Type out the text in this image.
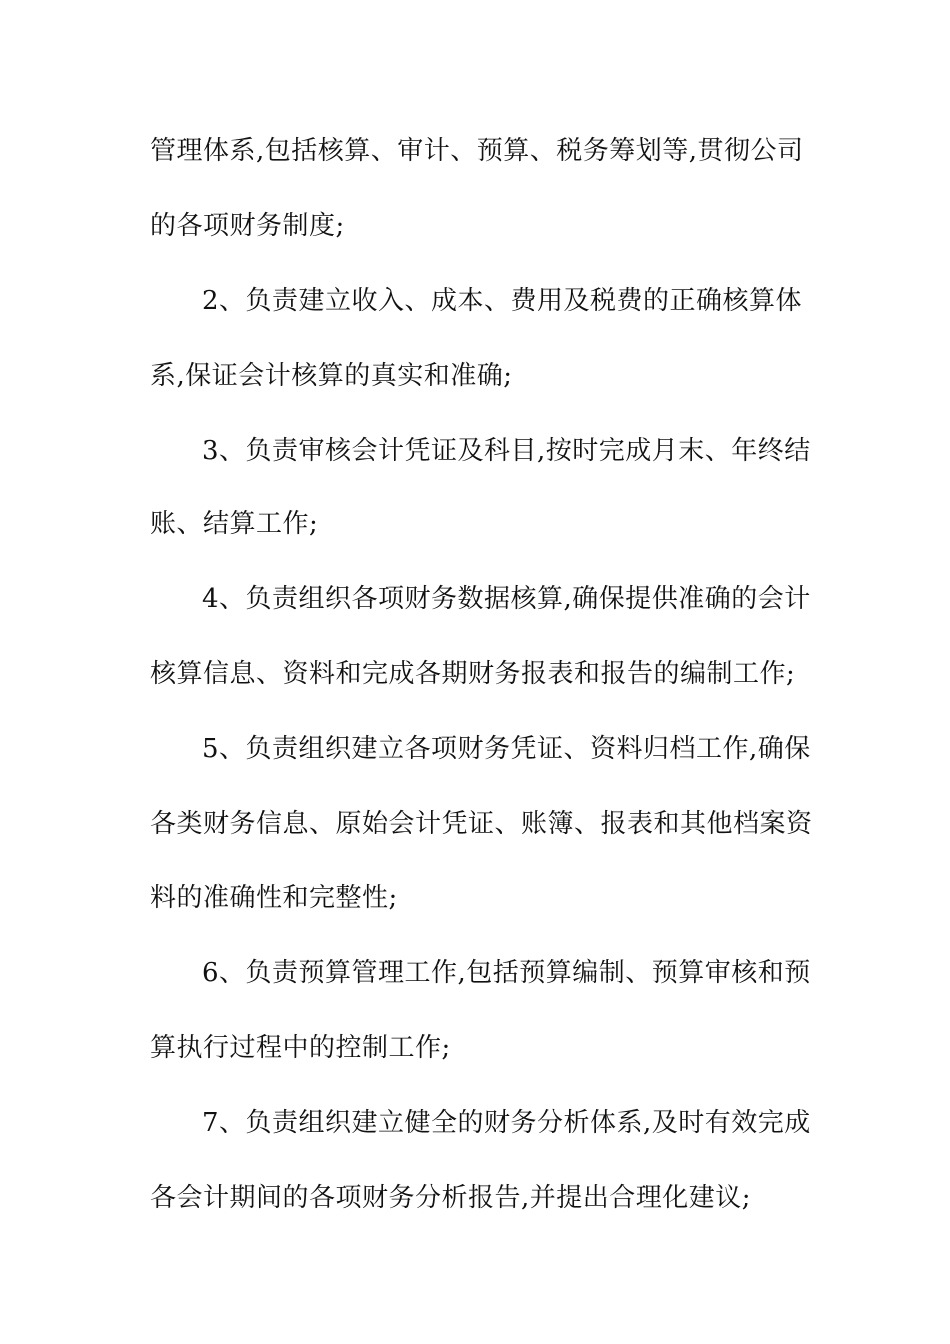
管理体系,包括核算、审计、预算、税务筹划等,贯彻公司
的各项财务制度;
2、负责建立收入、成本、费用及税费的正确核算体
系,保证会计核算的真实和准确;
3、负责审核会计凭证及科目,按时完成月末、年终结
账、结算工作;
4、负责组织各项财务数据核算,确保提供准确的会计
核算信息、资料和完成各期财务报表和报告的编制工作;
5、负责组织建立各项财务凭证、资料归档工作,确保
各类财务信息、原始会计凭证、账簿、报表和其他档案资
料的准确性和完整性;
6、负责预算管理工作,包括预算编制、预算审核和预
算执行过程中的控制工作;
7、负责组织建立健全的财务分析体系,及时有效完成
各会计期间的各项财务分析报告,并提出合理化建议;
